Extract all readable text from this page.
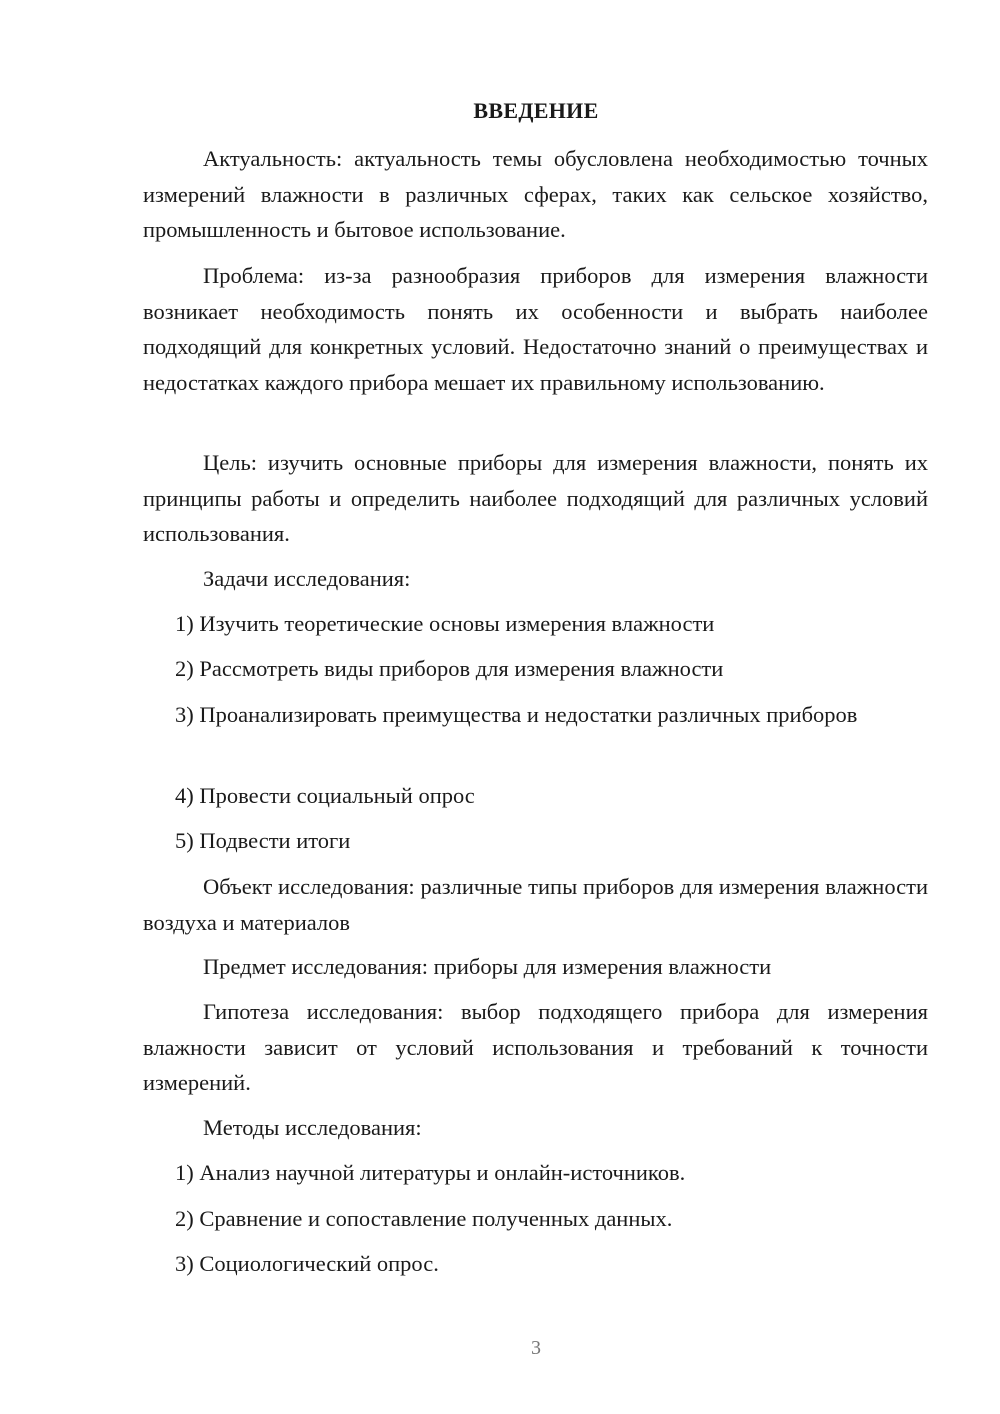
ВВЕДЕНИЕ

Актуальность: актуальность темы обусловлена необходимостью точных измерений влажности в различных сферах, таких как сельское хозяйство, промышленность и бытовое использование.

Проблема: из-за разнообразия приборов для измерения влажности возникает необходимость понять их особенности и выбрать наиболее подходящий для конкретных условий. Недостаточно знаний о преимуществах и недостатках каждого прибора мешает их правильному использованию.

Цель: изучить основные приборы для измерения влажности, понять их принципы работы и определить наиболее подходящий для различных условий использования.

Задачи исследования:

1) Изучить теоретические основы измерения влажности

2) Рассмотреть виды приборов для измерения влажности

3) Проанализировать преимущества и недостатки различных приборов

4) Провести социальный опрос

5) Подвести итоги

Объект исследования: различные типы приборов для измерения влажности воздуха и материалов

Предмет исследования: приборы для измерения влажности

Гипотеза исследования: выбор подходящего прибора для измерения влажности зависит от условий использования и требований к точности измерений.

Методы исследования:

1) Анализ научной литературы и онлайн-источников.

2) Сравнение и сопоставление полученных данных.

3) Социологический опрос.

3
